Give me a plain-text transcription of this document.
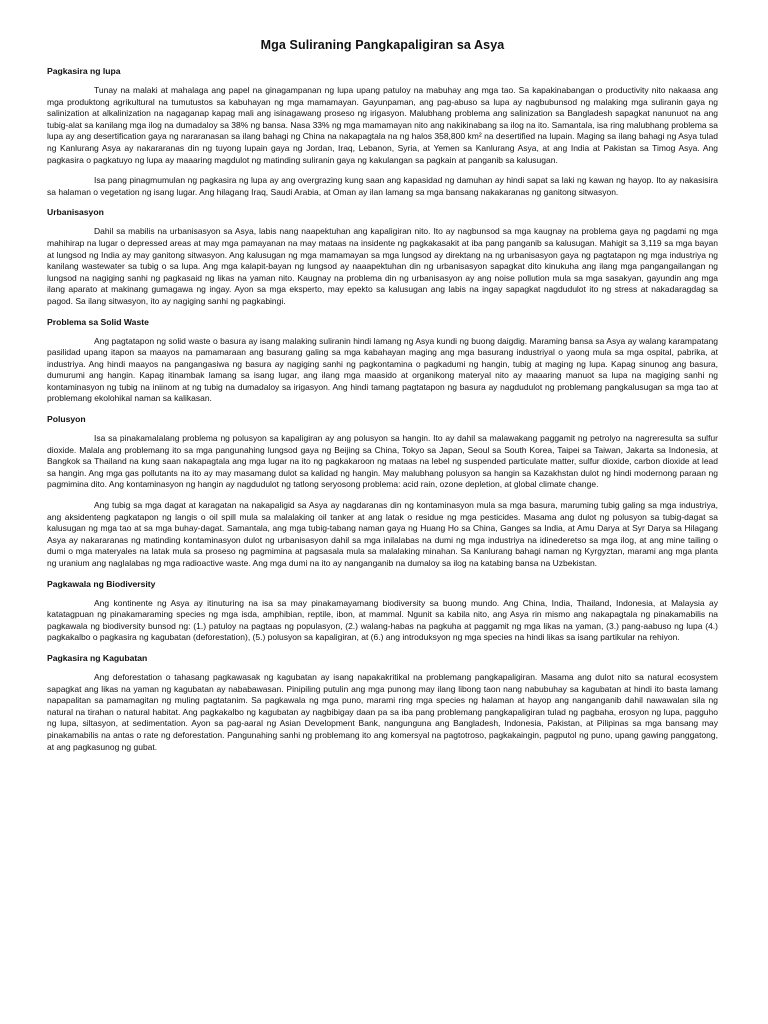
Mga Suliraning Pangkapaligiran sa Asya
Pagkasira ng lupa

Tunay na malaki at mahalaga ang papel na ginagampanan ng lupa upang patuloy na mabuhay ang mga tao. Sa kapakinabangan o productivity nito nakaasa ang mga produktong agrikultural na tumutustos sa kabuhayan ng mga mamamayan. Gayunpaman, ang pag-abuso sa lupa ay nagbubunsod ng malaking mga suliranin gaya ng salinization at alkalinization na nagaganap kapag mali ang isinagawang proseso ng irigasyon. Malubhang problema ang salinization sa Bangladesh sapagkat nanunuot na ang tubig-alat sa kanilang mga ilog na dumadaloy sa 38% ng bansa. Nasa 33% ng mga mamamayan nito ang nakikinabang sa ilog na ito. Samantala, isa ring malubhang problema sa lupa ay ang desertification gaya ng nararanasan sa ilang bahagi ng China na nakapagtala na ng halos 358,800 km² na desertified na lupain. Maging sa ilang bahagi ng Asya tulad ng Kanlurang Asya ay nakararanas din ng tuyong lupain gaya ng Jordan, Iraq, Lebanon, Syria, at Yemen sa Kanlurang Asya, at ang India at Pakistan sa Timog Asya. Ang pagkasira o pagkatuyo ng lupa ay maaaring magdulot ng matinding suliranin gaya ng kakulangan sa pagkain at panganib sa kalusugan.

Isa pang pinagmumulan ng pagkasira ng lupa ay ang overgrazing kung saan ang kapasidad ng damuhan ay hindi sapat sa laki ng kawan ng hayop. Ito ay nakasisira sa halaman o vegetation ng isang lugar. Ang hilagang Iraq, Saudi Arabia, at Oman ay ilan lamang sa mga bansang nakakaranas ng ganitong sitwasyon.

Urbanisasyon

Dahil sa mabilis na urbanisasyon sa Asya, labis nang naapektuhan ang kapaligiran nito. Ito ay nagbunsod sa mga kaugnay na problema gaya ng pagdami ng mga mahihirap na lugar o depressed areas at may mga pamayanan na may mataas na insidente ng pagkakasakit at iba pang panganib sa kalusugan. Mahigit sa 3,119 sa mga bayan at lungsod ng India ay may ganitong sitwasyon. Ang kalusugan ng mga mamamayan sa mga lungsod ay direktang na ng urbanisasyon gaya ng pagtatapon ng mga industriya ng kanilang wastewater sa tubig o sa lupa. Ang mga kalapit-bayan ng lungsod ay naaapektuhan din ng urbanisasyon sapagkat dito kinukuha ang ilang mga pangangailangan ng lungsod na nagiging sanhi ng pagkasaid ng likas na yaman nito. Kaugnay na problema din ng urbanisasyon ay ang noise pollution mula sa mga sasakyan, gayundin ang mga ilang aparato at makinang gumagawa ng ingay. Ayon sa mga eksperto, may epekto sa kalusugan ang labis na ingay sapagkat nagdudulot ito ng stress at nakadaragdag sa pagod. Sa ilang sitwasyon, ito ay nagiging sanhi ng pagkabingi.

Problema sa Solid Waste

Ang pagtatapon ng solid waste o basura ay isang malaking suliranin hindi lamang ng Asya kundi ng buong daigdig. Maraming bansa sa Asya ay walang karampatang pasilidad upang itapon sa maayos na pamamaraan ang basurang galing sa mga kabahayan maging ang mga basurang industriyal o yaong mula sa mga ospital, pabrika, at industriya. Ang hindi maayos na pangangasiwa ng basura ay nagiging sanhi ng pagkontamina o pagkadumi ng hangin, tubig at maging ng lupa. Kapag sinunog ang basura, dumurumi ang hangin. Kapag itinambak lamang sa isang lugar, ang ilang mga maasido at organikong materyal nito ay maaaring manuot sa lupa na magiging sanhi ng kontaminasyon ng tubig na iniinom at ng tubig na dumadaloy sa irigasyon. Ang hindi tamang pagtatapon ng basura ay nagdudulot ng problemang pangkalusugan sa mga tao at problemang ekolohikal naman sa kalikasan.

Polusyon

Isa sa pinakamalalang problema ng polusyon sa kapaligiran ay ang polusyon sa hangin. Ito ay dahil sa malawakang paggamit ng petrolyo na nagreresulta sa sulfur dioxide. Malala ang problemang ito sa mga pangunahing lungsod gaya ng Beijing sa China, Tokyo sa Japan, Seoul sa South Korea, Taipei sa Taiwan, Jakarta sa Indonesia, at Bangkok sa Thailand na kung saan nakapagtala ang mga lugar na ito ng pagkakaroon ng mataas na lebel ng suspended particulate matter, sulfur dioxide, carbon dioxide at lead sa hangin. Ang mga gas pollutants na ito ay may masamang dulot sa kalidad ng hangin. May malubhang polusyon sa hangin sa Kazakhstan dulot ng hindi modernong paraan ng pagmimina dito. Ang kontaminasyon ng hangin ay nagdudulot ng tatlong seryosong problema: acid rain, ozone depletion, at global climate change.

Ang tubig sa mga dagat at karagatan na nakapaligid sa Asya ay nagdaranas din ng kontaminasyon mula sa mga basura, maruming tubig galing sa mga industriya, ang aksidenteng pagkatapon ng langis o oil spill mula sa malalaking oil tanker at ang latak o residue ng mga pesticides. Masama ang dulot ng polusyon sa tubig-dagat sa kalusugan ng mga tao at sa mga buhay-dagat. Samantala, ang mga tubig-tabang naman gaya ng Huang Ho sa China, Ganges sa India, at Amu Darya at Syr Darya sa Hilagang Asya ay nakararanas ng matinding kontaminasyon dulot ng urbanisasyon dahil sa mga inilalabas na dumi ng mga industriya na idinederetso sa mga ilog, at ang mine tailing o dumi o mga materyales na latak mula sa proseso ng pagmimina at pagsasala mula sa malalaking minahan. Sa Kanlurang bahagi naman ng Kyrgyztan, marami ang mga planta ng uranium ang naglalabas ng mga radioactive waste. Ang mga dumi na ito ay nanganganib na dumaloy sa ilog na katabing bansa na Uzbekistan.

Pagkawala ng Biodiversity

Ang kontinente ng Asya ay itinuturing na isa sa may pinakamayamang biodiversity sa buong mundo. Ang China, India, Thailand, Indonesia, at Malaysia ay katatagpuan ng pinakamaraming species ng mga isda, amphibian, reptile, ibon, at mammal. Ngunit sa kabila nito, ang Asya rin mismo ang nakapagtala ng pinakamabilis na pagkawala ng biodiversity bunsod ng: (1.) patuloy na pagtaas ng populasyon, (2.) walang-habas na pagkuha at paggamit ng mga likas na yaman, (3.) pang-aabuso ng lupa (4.) pagkakalbo o pagkasira ng kagubatan (deforestation), (5.) polusyon sa kapaligiran, at (6.) ang introduksyon ng mga species na hindi likas sa isang partikular na rehiyon.

Pagkasira ng Kagubatan

Ang deforestation o tahasang pagkawasak ng kagubatan ay isang napakakritikal na problemang pangkapaligiran. Masama ang dulot nito sa natural ecosystem sapagkat ang likas na yaman ng kagubatan ay nababawasan. Pinipiling putulin ang mga punong may ilang libong taon nang nabubuhay sa kagubatan at hindi ito basta lamang napapalitan sa pamamagitan ng muling pagtatanim. Sa pagkawala ng mga puno, marami ring mga species ng halaman at hayop ang nanganganib dahil nawawalan sila ng natural na tirahan o natural habitat. Ang pagkakalbo ng kagubatan ay nagbibigay daan pa sa iba pang problemang pangkapaligiran tulad ng pagbaha, erosyon ng lupa, pagguho ng lupa, siltasyon, at sedimentation. Ayon sa pag-aaral ng Asian Development Bank, nangunguna ang Bangladesh, Indonesia, Pakistan, at Pilipinas sa mga bansang may pinakamabilis na antas o rate ng deforestation. Pangunahing sanhi ng problemang ito ang komersyal na pagtotroso, pagkakaingin, pagputol ng puno, upang gawing panggatong, at ang pagkasunog ng gubat.
